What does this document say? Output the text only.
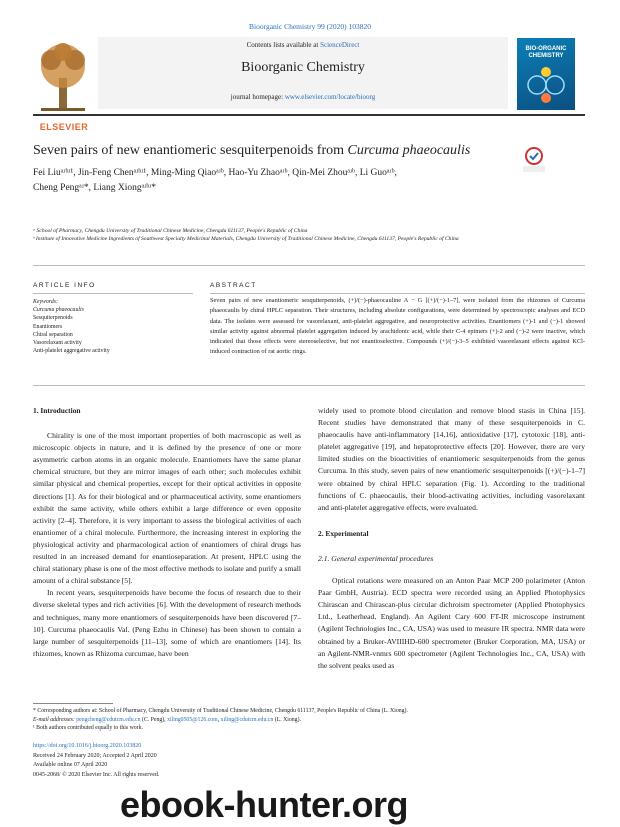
Bioorganic Chemistry 99 (2020) 103820
Contents lists available at ScienceDirect
Bioorganic Chemistry
journal homepage: www.elsevier.com/locate/bioorg
ELSEVIER
BIO-ORGANIC CHEMISTRY
Seven pairs of new enantiomeric sesquiterpenoids from Curcuma phaeocaulis
Fei Liuᵃʴᵇʴ¹, Jin-Feng Chenᵃʴᵇʴ¹, Ming-Ming Qiaoᵃʴᵇ, Hao-Yu Zhaoᵃʴᵇ, Qin-Mei Zhouᵃʴᵇ, Li Guoᵃʴᵇ,
Cheng Pengᵃʴ*, Liang Xiongᵃʴᵇʴ*
ᵃ School of Pharmacy, Chengdu University of Traditional Chinese Medicine, Chengdu 611137, People's Republic of China
ᵇ Institute of Innovative Medicine Ingredients of Southwest Specialty Medicinal Materials, Chengdu University of Traditional Chinese Medicine, Chengdu 611137, People's Republic of China
ARTICLE INFO	ABSTRACT
Keywords:
Curcuma phaeocaulis
Sesquiterpenoids
Enantiomers
Chiral separation
Vasorelaxant activity
Anti-platelet aggregative activity
Seven pairs of new enantiomeric sesquiterpenoids, (+)/(−)-phaeocauline A − G [(+)/(−)-1–7], were isolated from the rhizomes of Curcuma phaeocaulis by chiral HPLC separation. Their structures, including absolute configurations, were determined by spectroscopic analyses and ECD data. The isolates were assessed for vasorelaxant, anti-platelet aggregative, and neuroprotective activities. Enantiomers (+)-1 and (−)-1 showed similar activity against abnormal platelet aggregation induced by arachidonic acid, while their C-4 epimers (+)-2 and (−)-2 were inactive, which indicated that those effects were stereoselective, but not enantioselective. Compounds (+)/(−)-3–5 exhibited vasorelaxant effects against KCl-induced contraction of rat aortic rings.

1. Introduction

Chirality is one of the most important properties of both macroscopic as well as microscopic objects in nature, and it is defined by the presence of one or more asymmetric carbon atoms in an organic molecule. Enantiomers have the same planar chemical structure, but they are mirror images of each other; such molecules exhibit similar physical and chemical properties, except for their optical activities in opposite directions [1]. As for their biological and or pharmaceutical activity, some enantiomers exhibit the same activity, while others exhibit a large difference or even opposite activity [2–4]. Therefore, it is very important to assess the biological activities of each enantiomer of a chiral molecule. Furthermore, the increasing interest in exploring the physiological activity and pharmacological action of enantiomers of chiral drugs has resulted in an increased demand for enantioseparation. At present, HPLC using the chiral stationary phase is one of the most effective methods to isolate and purify a small amount of a chiral substance [5].

In recent years, sesquiterpenoids have become the focus of research due to their diverse skeletal types and rich activities [6]. With the development of research methods and techniques, many more enantiomers of sesquiterpenoids have been discovered [7–10]. Curcuma phaeocaulis Val. (Peng Ezhu in Chinese) has been shown to contain a large number of sesquiterpenoids [11–13], some of which are enantiomers [14]. Its rhizomes, known as Rhizoma curcumae, have been

widely used to promote blood circulation and remove blood stasis in China [15]. Recent studies have demonstrated that many of these sesquiterpenoids in C. phaeocaulis have anti-inflammatory [14,16], antioxidative [17], cytotoxic [18], anti-platelet aggregative [19], and hepatoprotective effects [20]. However, there are very limited studies on the bioactivities of enantiomeric sesquiterpenoids from the genus Curcuma. In this study, seven pairs of new enantiomeric sesquiterpenoids [(+)/(−)-1–7] were obtained by chiral HPLC separation (Fig. 1). According to the traditional functions of C. phaeocaulis, their blood-activating activities, including vasorelaxant and anti-platelet aggregative effects, were evaluated.

2. Experimental

2.1. General experimental procedures

Optical rotations were measured on an Anton Paar MCP 200 polarimeter (Anton Paar GmbH, Austria). ECD spectra were recorded using an Applied Photophysics Chirascan and Chirascan-plus circular dichroism spectrometer (Applied Photophysics Ltd., Leatherhead, England). An Agilent Cary 600 FT-IR microscope instrument (Agilent Technologies Inc., CA, USA) was used to measure IR spectra. NMR data were obtained by a Bruker-AVIIIHD-600 spectrometer (Bruker Corporation, MA, USA) or an Agilent-NMR-vnmrs 600 spectrometer (Agilent Technologies Inc., CA, USA) with the solvent peaks used as

* Corresponding authors at: School of Pharmacy, Chengdu University of Traditional Chinese Medicine, Chengdu 611137, People's Republic of China (L. Xiong).
E-mail addresses: pengcheng@cdutcm.edu.cn (C. Peng), xiling0505@126.com, xiling@cdutcm.edu.cn (L. Xiong).
¹ Both authors contributed equally to this work.
https://doi.org/10.1016/j.bioorg.2020.103820
Received 24 February 2020; Accepted 2 April 2020
Available online 07 April 2020
0045-2068/ © 2020 Elsevier Inc. All rights reserved.
ebook-hunter.org
